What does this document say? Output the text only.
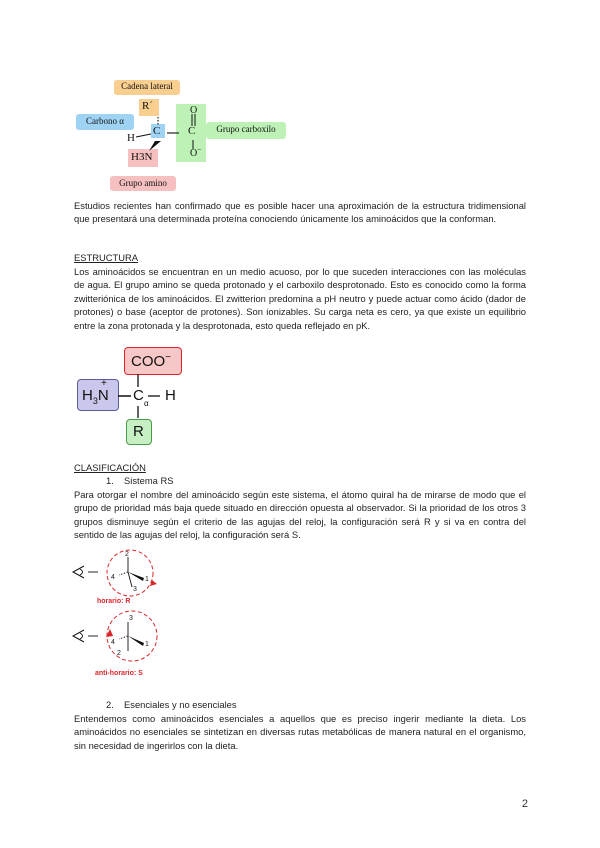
Cadena lateral
Carbono α
R´
Grupo carboxilo
Grupo amino
H
C	C
O
O −
H3N
Estudios recientes han confirmado que es posible hacer una aproximación de la estructura tridimensional que presentará una determinada proteína conociendo únicamente los aminoácidos que la conforman.
ESTRUCTURA
Los aminoácidos se encuentran en un medio acuoso, por lo que suceden interacciones con las moléculas de agua. El grupo amino se queda protonado y el carboxilo desprotonado. Esto es conocido como la forma zwitteriónica de los aminoácidos. El zwitterion predomina a pH neutro y puede actuar como ácido (dador de protones) o base (aceptor de protones). Son ionizables. Su carga neta es cero, ya que existe un equilibrio entre la zona protonada y la desprotonada, esto queda reflejado en pK.
COO−
$H_3N$
+
R
C α H
CLASIFICACIÓN
1. Sistema RS
Para otorgar el nombre del aminoácido según este sistema, el átomo quiral ha de mirarse de modo que el grupo de prioridad más baja quede situado en dirección opuesta al observador. Si la prioridad de los otros 3 grupos disminuye según el criterio de las agujas del reloj, la configuración será R y si va en contra del sentido de las agujas del reloj, la configuración será S.
2
4	1
3
horario: R
3
4	1
2
anti-horario: S
2. Esenciales y no esenciales
Entendemos como aminoácidos esenciales a aquellos que es preciso ingerir mediante la dieta. Los aminoácidos no esenciales se sintetizan en diversas rutas metabólicas de manera natural en el organismo, sin necesidad de ingerirlos con la dieta.
2
